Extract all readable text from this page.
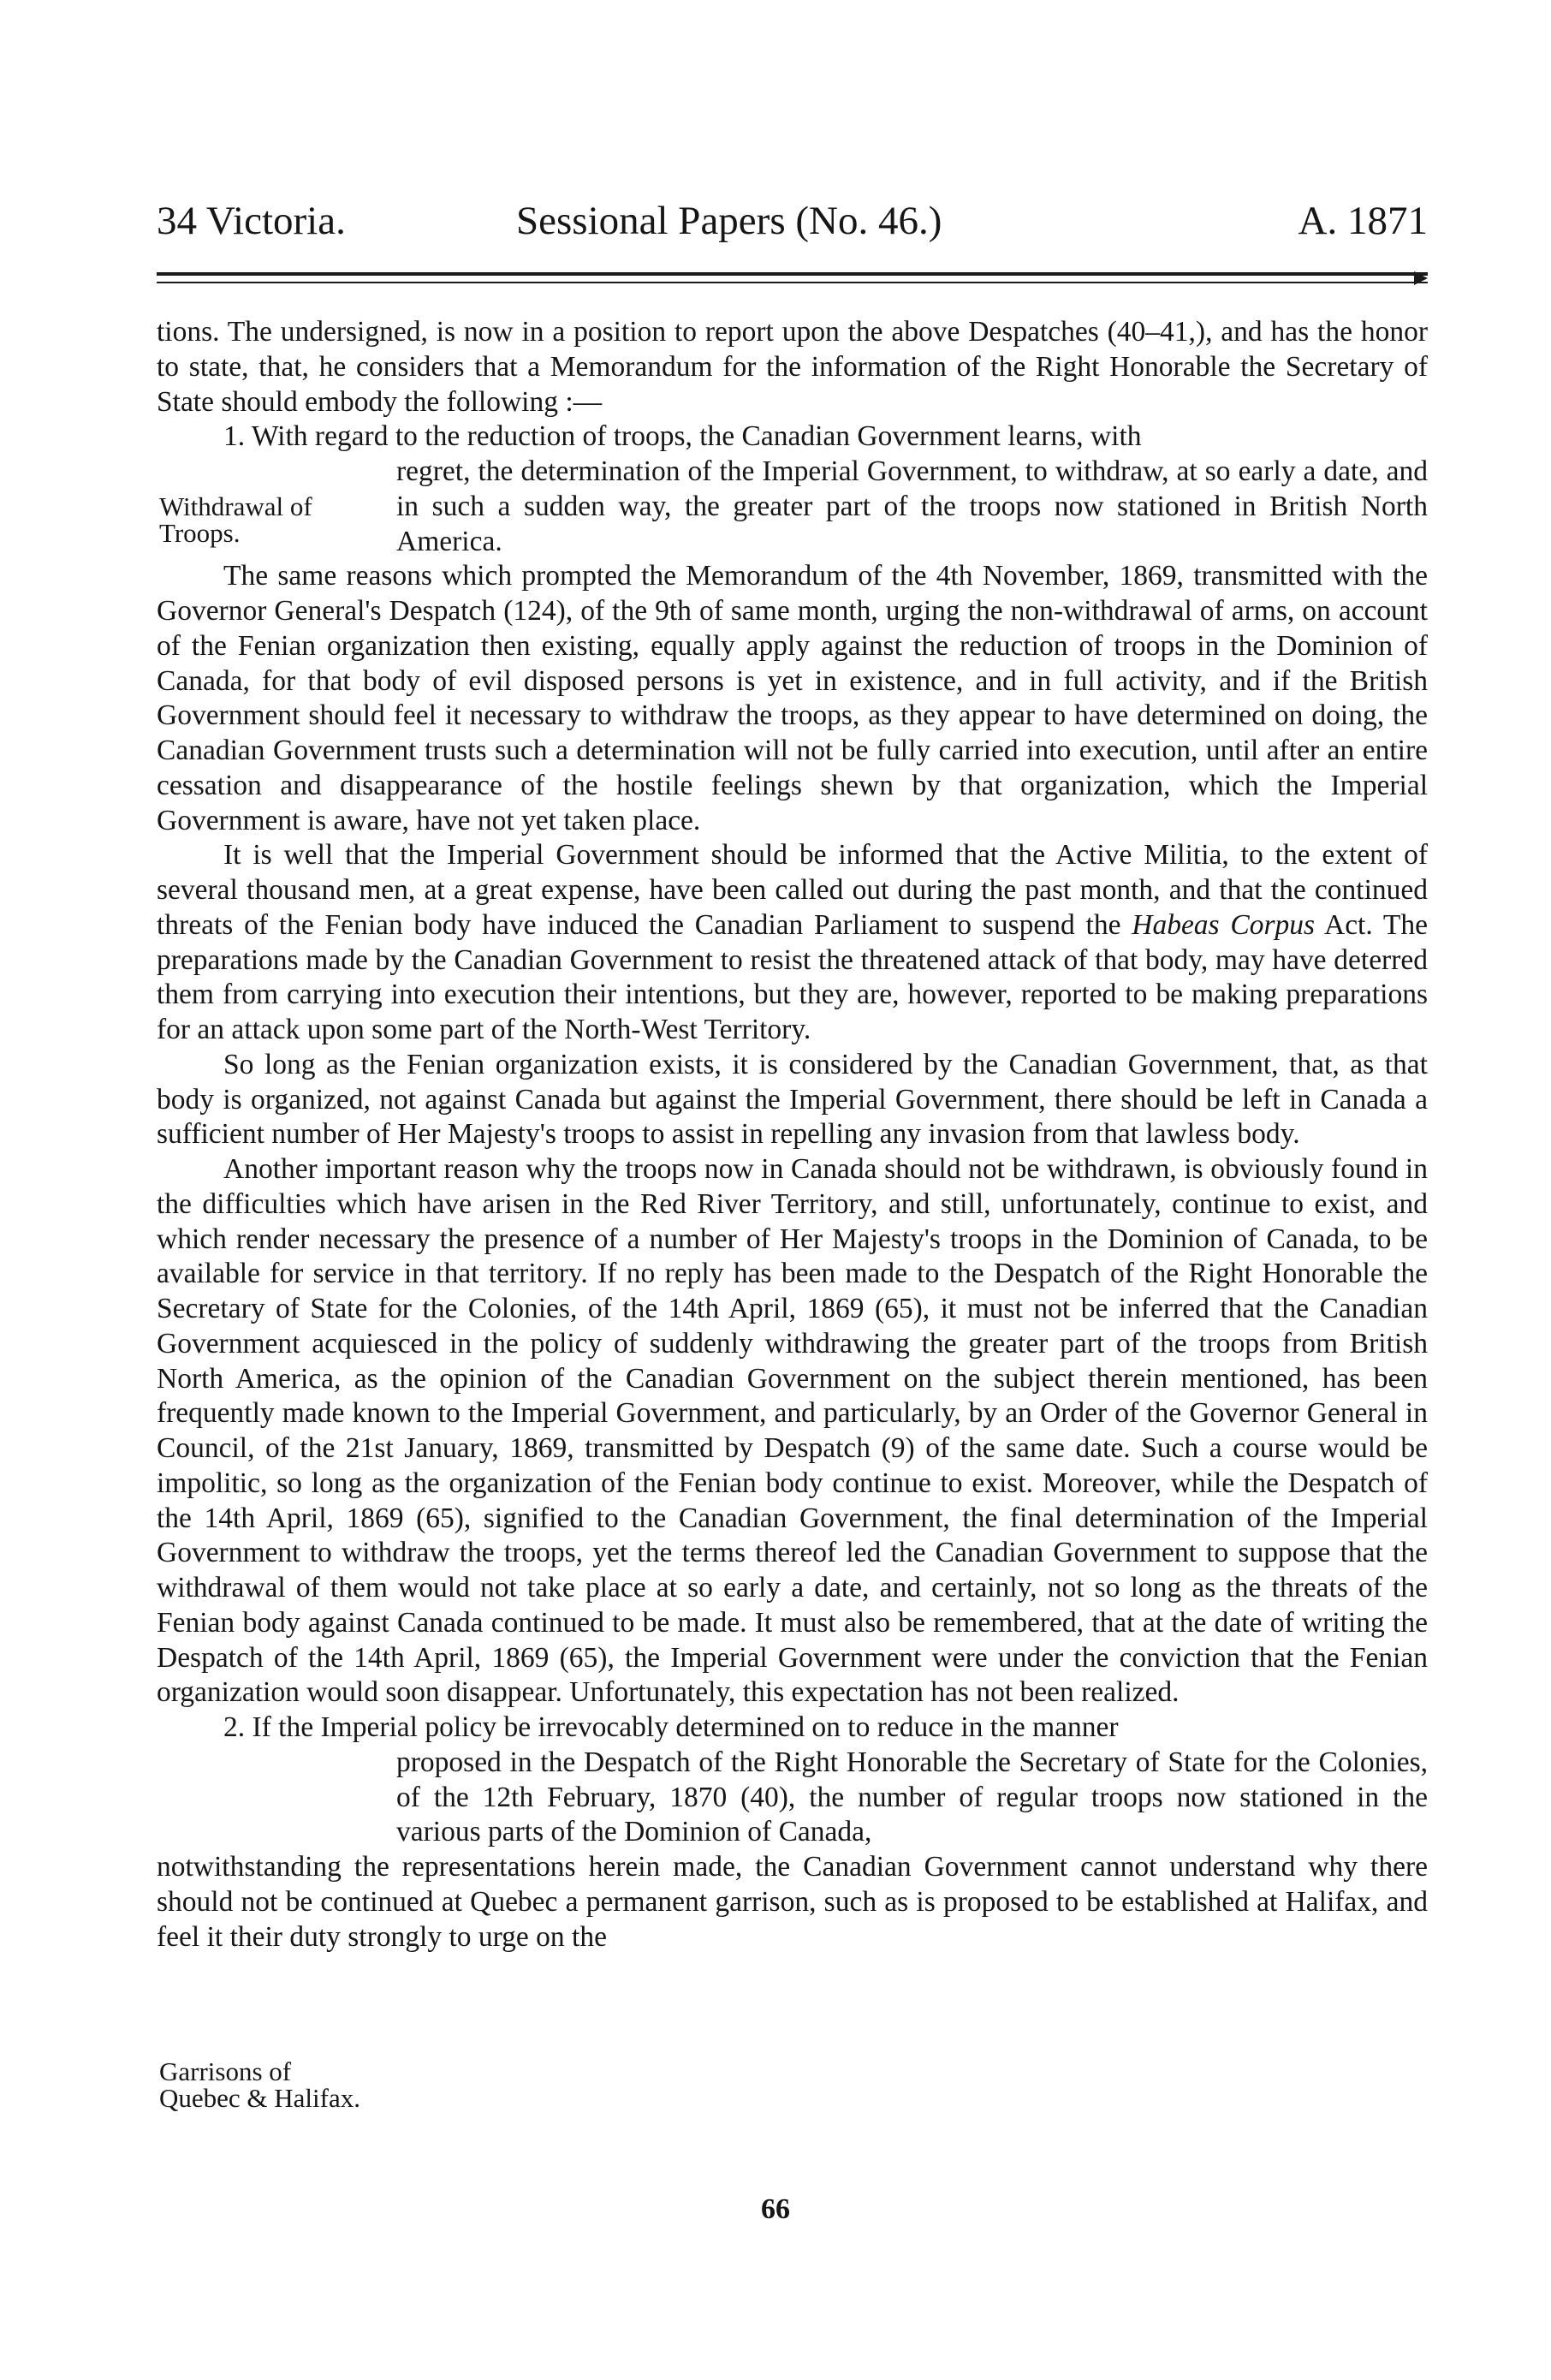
34 Victoria.	Sessional Papers (No. 46.)	A. 1871

tions. The undersigned, is now in a position to report upon the above Despatches (40–41,), and has the honor to state, that, he considers that a Memorandum for the information of the Right Honorable the Secretary of State should embody the following :—

1. With regard to the reduction of troops, the Canadian Government learns, with

regret, the determination of the Imperial Government, to withdraw, at so early a date, and in such a sudden way, the greater part of the troops now stationed in British North America.

The same reasons which prompted the Memorandum of the 4th November, 1869, transmitted with the Governor General's Despatch (124), of the 9th of same month, urging the non-withdrawal of arms, on account of the Fenian organization then existing, equally apply against the reduction of troops in the Dominion of Canada, for that body of evil disposed persons is yet in existence, and in full activity, and if the British Government should feel it necessary to withdraw the troops, as they appear to have determined on doing, the Canadian Government trusts such a determination will not be fully carried into execution, until after an entire cessation and disappearance of the hostile feelings shewn by that organization, which the Imperial Government is aware, have not yet taken place.

It is well that the Imperial Government should be informed that the Active Militia, to the extent of several thousand men, at a great expense, have been called out during the past month, and that the continued threats of the Fenian body have induced the Canadian Parliament to suspend the Habeas Corpus Act. The preparations made by the Canadian Government to resist the threatened attack of that body, may have deterred them from carrying into execution their intentions, but they are, however, reported to be making preparations for an attack upon some part of the North-West Territory.

So long as the Fenian organization exists, it is considered by the Canadian Government, that, as that body is organized, not against Canada but against the Imperial Government, there should be left in Canada a sufficient number of Her Majesty's troops to assist in repelling any invasion from that lawless body.

Another important reason why the troops now in Canada should not be withdrawn, is obviously found in the difficulties which have arisen in the Red River Territory, and still, unfortunately, continue to exist, and which render necessary the presence of a number of Her Majesty's troops in the Dominion of Canada, to be available for service in that territory. If no reply has been made to the Despatch of the Right Honorable the Secretary of State for the Colonies, of the 14th April, 1869 (65), it must not be inferred that the Canadian Government acquiesced in the policy of suddenly withdrawing the greater part of the troops from British North America, as the opinion of the Canadian Government on the subject therein mentioned, has been frequently made known to the Imperial Government, and particularly, by an Order of the Governor General in Council, of the 21st January, 1869, transmitted by Despatch (9) of the same date. Such a course would be impolitic, so long as the organization of the Fenian body continue to exist. Moreover, while the Despatch of the 14th April, 1869 (65), signified to the Canadian Government, the final determination of the Imperial Government to withdraw the troops, yet the terms thereof led the Canadian Government to suppose that the withdrawal of them would not take place at so early a date, and certainly, not so long as the threats of the Fenian body against Canada continued to be made. It must also be remembered, that at the date of writing the Despatch of the 14th April, 1869 (65), the Imperial Government were under the conviction that the Fenian organization would soon disappear. Unfortunately, this expectation has not been realized.

2. If the Imperial policy be irrevocably determined on to reduce in the manner

proposed in the Despatch of the Right Honorable the Secretary of State for the Colonies, of the 12th February, 1870 (40), the number of regular troops now stationed in the various parts of the Dominion of Canada,

notwithstanding the representations herein made, the Canadian Government cannot understand why there should not be continued at Quebec a permanent garrison, such as is proposed to be established at Halifax, and feel it their duty strongly to urge on the

Withdrawal of
Troops.
Garrisons of
Quebec & Halifax.
66
